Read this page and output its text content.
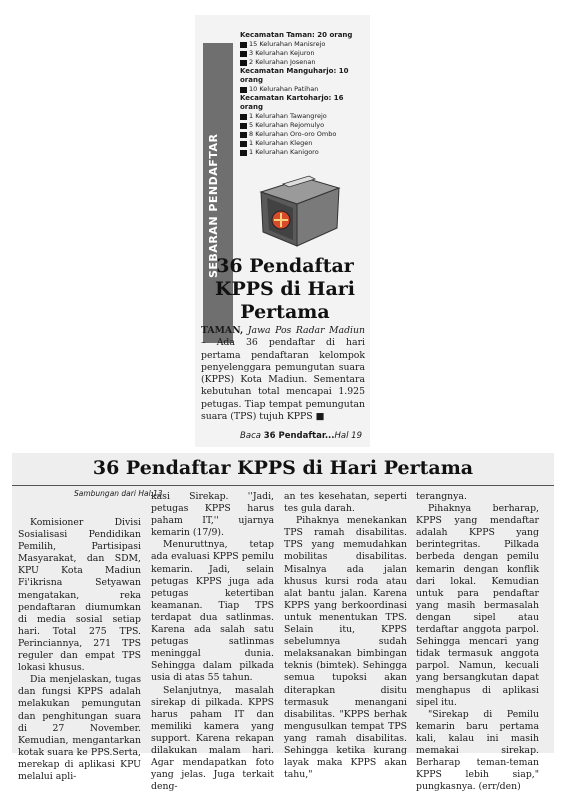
SEBARAN PENDAFTAR
Kecamatan Taman: 20 orang
15 Kelurahan Manisrejo
3 Kelurahan Kejuron
2 Kelurahan Josenan
Kecamatan Manguharjo: 10 orang
10 Kelurahan Patihan
Kecamatan Kartoharjo: 16 orang
1 Kelurahan Tawangrejo
5 Kelurahan Rejomulyo
8 Kelurahan Oro-oro Ombo
1 Kelurahan Klegen
1 Kelurahan Kanigoro
36 Pendaftar KPPS di Hari Pertama
TAMAN, Jawa Pos Radar Madiun – Ada 36 pendaftar di hari pertama pendaftaran kelompok penyelenggara pemungutan suara (KPPS) Kota Madiun. Sementara kebutuhan total mencapai 1.925 petugas. Tiap tempat pemungutan suara (TPS) tujuh KPPS ■
Baca 36 Pendaftar...Hal 19
36 Pendaftar KPPS di Hari Pertama
Sambungan dari Hal.13

Komisioner Divisi Sosialisasi Pendidikan Pemilih, Partisipasi Masyarakat, dan SDM, KPU Kota Madiun Fi'ikrisna Setyawan mengatakan, reka pendaftaran diumumkan di media sosial setiap hari. Total 275 TPS. Perinciannya, 271 TPS reguler dan empat TPS lokasi khusus.

Dia menjelaskan, tugas dan fungsi KPPS adalah melakukan pemungutan dan penghitungan suara di 27 November. Kemudian, mengantarkan kotak suara ke PPS.Serta, merekap di aplikasi KPU melalui apli-

kasi Sirekap. ''Jadi, petugas KPPS harus paham IT,'' ujarnya kemarin (17/9).

Menuruttnya, tetap ada evaluasi KPPS pemilu kemarin. Jadi, selain petugas KPPS juga ada petugas ketertiban keamanan. Tiap TPS terdapat dua satlinmas. Karena ada salah satu petugas satlinmas meninggal dunia. Sehingga dalam pilkada usia di atas 55 tahun.

Selanjutnya, masalah sirekap di pilkada. KPPS harus paham IT dan memiliki kamera yang support. Karena rekapan dilakukan malam hari. Agar mendapatkan foto yang jelas. Juga terkait deng-

an tes kesehatan, seperti tes gula darah.

Pihaknya menekankan TPS ramah disabilitas. TPS yang memudahkan mobilitas disabilitas. Misalnya ada jalan khusus kursi roda atau alat bantu jalan. Karena KPPS yang berkoordinasi untuk menentukan TPS. Selain itu, KPPS sebelumnya sudah melaksanakan bimbingan teknis (bimtek). Sehingga semua tupoksi akan diterapkan disitu termasuk menangani disabilitas. "KPPS berhak mengusulkan tempat TPS yang ramah disabilitas. Sehingga ketika kurang layak maka KPPS akan tahu,"

terangnya.

Pihaknya berharap, KPPS yang mendaftar adalah KPPS yang berintegritas. Pilkada berbeda dengan pemilu kemarin dengan konflik dari lokal. Kemudian untuk para pendaftar yang masih bermasalah dengan sipel atau terdaftar anggota parpol. Sehingga mencari yang tidak termasuk anggota parpol. Namun, kecuali yang bersangkutan dapat menghapus di aplikasi sipel itu.

"Sirekap di Pemilu kemarin baru pertama kali, kalau ini masih memakai sirekap. Berharap teman-teman KPPS lebih siap," pungkasnya. (err/den)
